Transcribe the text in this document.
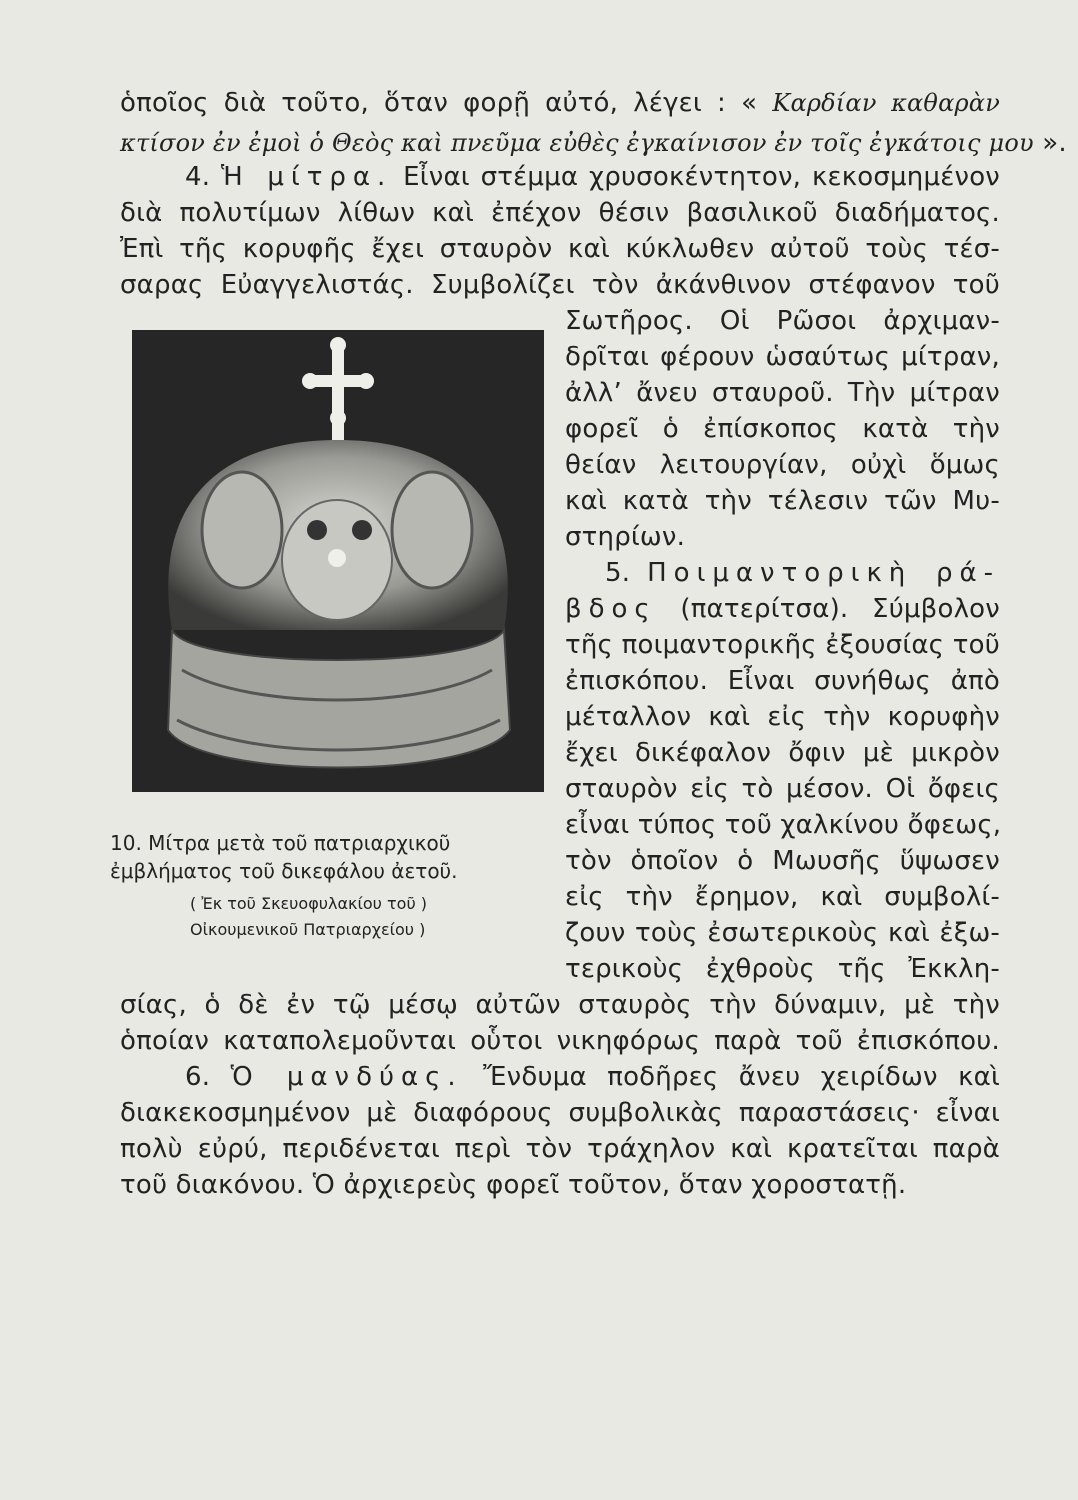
ὁποῖος διὰ τοῦτο, ὅταν φορῇ αὐτό, λέγει : « Καρδίαν καθαρὰν
κτίσον ἐν ἐμοὶ ὁ Θεὸς καὶ πνεῦμα εὐθὲς ἐγκαίνισον ἐν τοῖς ἐγκάτοις μου ».
4. Ἡ μίτρα. Εἶναι στέμμα χρυσοκέντητον, κεκοσμημένον
διὰ πολυτίμων λίθων καὶ ἐπέχον θέσιν βασιλικοῦ διαδήματος.
Ἐπὶ τῆς κορυφῆς ἔχει σταυρὸν καὶ κύκλωθεν αὐτοῦ τοὺς τέσ-
σαρας Εὐαγγελιστάς. Συμβολίζει τὸν ἀκάνθινον στέφανον τοῦ
10. Μίτρα μετὰ τοῦ πατριαρχικοῦ
ἐμβλήματος τοῦ δικεφάλου ἀετοῦ.
( Ἐκ τοῦ Σκευοφυλακίου τοῦ )
Οἰκουμενικοῦ Πατριαρχείου )
Σωτῆρος. Οἱ Ρῶσοι ἀρχιμαν-
δρῖται φέρουν ὡσαύτως μίτραν,
ἀλλ’ ἄνευ σταυροῦ. Τὴν μίτραν
φορεῖ ὁ ἐπίσκοπος κατὰ τὴν
θείαν λειτουργίαν, οὐχὶ ὅμως
καὶ κατὰ τὴν τέλεσιν τῶν Μυ-
στηρίων.
5. Ποιμαντορικὴ ρά-
βδος (πατερίτσα). Σύμβολον
τῆς ποιμαντορικῆς ἐξουσίας τοῦ
ἐπισκόπου. Εἶναι συνήθως ἀπὸ
μέταλλον καὶ εἰς τὴν κορυφὴν
ἔχει δικέφαλον ὄφιν μὲ μικρὸν
σταυρὸν εἰς τὸ μέσον. Οἱ ὄφεις
εἶναι τύπος τοῦ χαλκίνου ὄφεως,
τὸν ὁποῖον ὁ Μωυσῆς ὕψωσεν
εἰς τὴν ἔρημον, καὶ συμβολί-
ζουν τοὺς ἐσωτερικοὺς καὶ ἐξω-
τερικοὺς ἐχθροὺς τῆς Ἐκκλη-
σίας, ὁ δὲ ἐν τῷ μέσῳ αὐτῶν σταυρὸς τὴν δύναμιν, μὲ τὴν
ὁποίαν καταπολεμοῦνται οὗτοι νικηφόρως παρὰ τοῦ ἐπισκόπου.
6. Ὁ μανδύας. Ἔνδυμα ποδῆρες ἄνευ χειρίδων καὶ
διακεκοσμημένον μὲ διαφόρους συμβολικὰς παραστάσεις· εἶναι
πολὺ εὐρύ, περιδένεται περὶ τὸν τράχηλον καὶ κρατεῖται παρὰ
τοῦ διακόνου. Ὁ ἀρχιερεὺς φορεῖ τοῦτον, ὅταν χοροστατῇ.
